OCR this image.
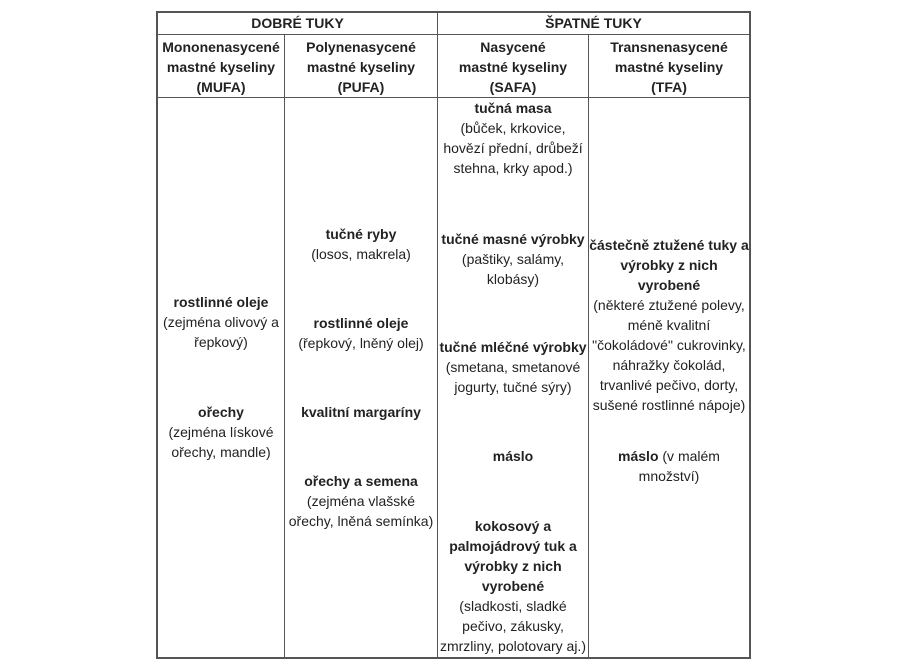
DOBRÉ TUKY	ŠPATNÉ TUKY
Mononenasycené
mastné kyseliny
(MUFA)
Polynenasycené
mastné kyseliny
(PUFA)
Nasycené
mastné kyseliny
(SAFA)
Transnenasycené
mastné kyseliny
(TFA)
rostlinné oleje
(zejména olivový a
řepkový)
ořechy
(zejména lískové
ořechy, mandle)
tučné ryby
(losos, makrela)
rostlinné oleje
(řepkový, lněný olej)
kvalitní margaríny
ořechy a semena
(zejména vlašské
ořechy, lněná semínka)
tučná masa
(bůček, krkovice,
hovězí přední, drůbeží
stehna, krky apod.)
tučné masné výrobky
(paštiky, salámy,
klobásy)
tučné mléčné výrobky
(smetana, smetanové
jogurty, tučné sýry)
máslo
kokosový a
palmojádrový tuk a
výrobky z nich
vyrobené
(sladkosti, sladké
pečivo, zákusky,
zmrzliny, polotovary aj.)
částečně ztužené tuky a
výrobky z nich vyrobené
(některé ztužené polevy,
méně kvalitní
"čokoládové" cukrovinky,
náhražky čokolád,
trvanlivé pečivo, dorty,
sušené rostlinné nápoje)
máslo (v malém
množství)
